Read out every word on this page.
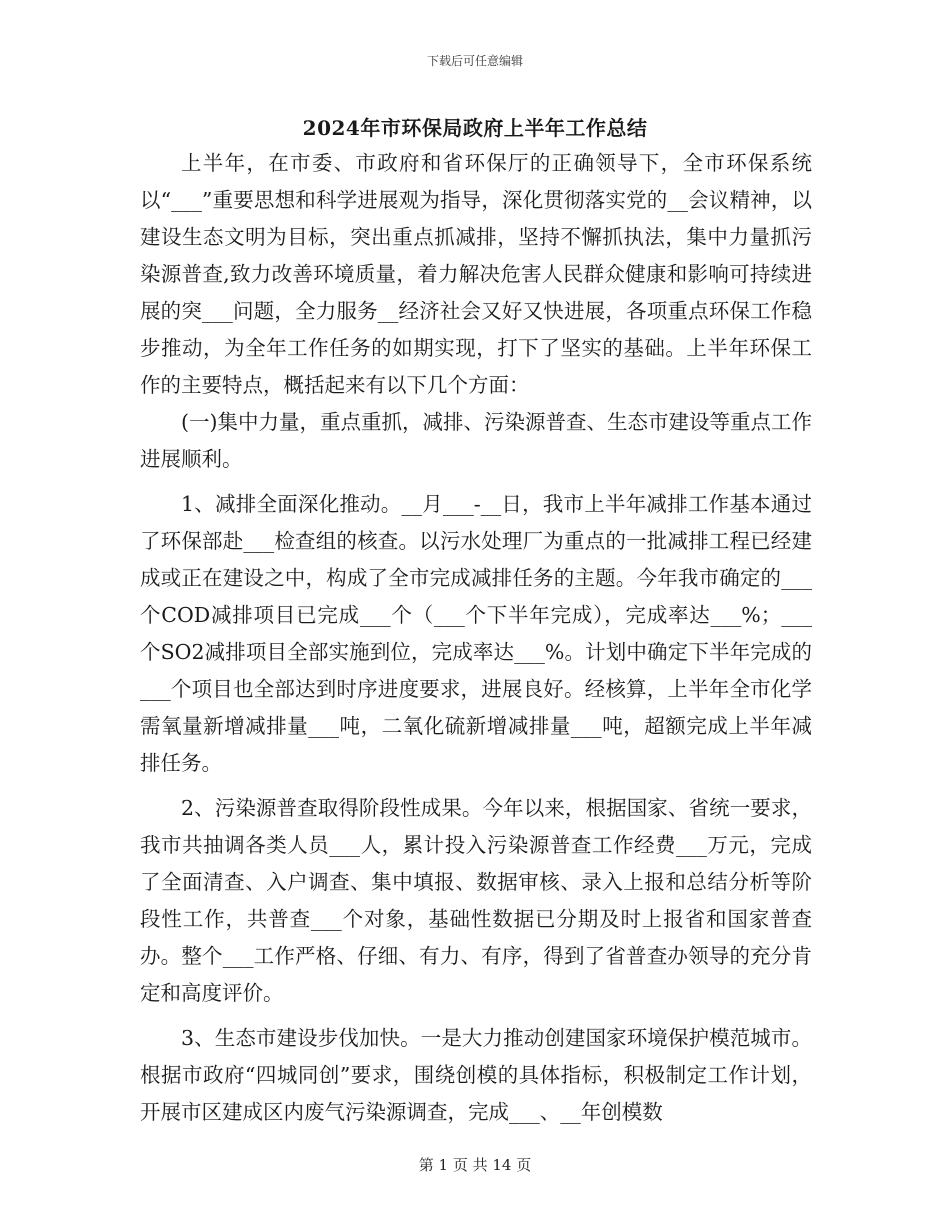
下载后可任意编辑
2024年市环保局政府上半年工作总结

上半年，在市委、市政府和省环保厅的正确领导下，全市环保系统以“___”重要思想和科学进展观为指导，深化贯彻落实党的__会议精神，以建设生态文明为目标，突出重点抓减排，坚持不懈抓执法，集中力量抓污染源普查,致力改善环境质量，着力解决危害人民群众健康和影响可持续进展的突___问题，全力服务__经济社会又好又快进展，各项重点环保工作稳步推动，为全年工作任务的如期实现，打下了坚实的基础。上半年环保工作的主要特点，概括起来有以下几个方面：

(一)集中力量，重点重抓，减排、污染源普查、生态市建设等重点工作进展顺利。

1、减排全面深化推动。__月___-__日，我市上半年减排工作基本通过了环保部赴___检查组的核查。以污水处理厂为重点的一批减排工程已经建成或正在建设之中，构成了全市完成减排任务的主题。今年我市确定的___个COD减排项目已完成___个（___个下半年完成），完成率达___%；___个SO2减排项目全部实施到位，完成率达___%。计划中确定下半年完成的___个项目也全部达到时序进度要求，进展良好。经核算，上半年全市化学需氧量新增减排量___吨，二氧化硫新增减排量___吨，超额完成上半年减排任务。

2、污染源普查取得阶段性成果。今年以来，根据国家、省统一要求，我市共抽调各类人员___人，累计投入污染源普查工作经费___万元，完成了全面清查、入户调查、集中填报、数据审核、录入上报和总结分析等阶段性工作，共普查___个对象，基础性数据已分期及时上报省和国家普查办。整个___工作严格、仔细、有力、有序，得到了省普查办领导的充分肯定和高度评价。

3、生态市建设步伐加快。一是大力推动创建国家环境保护模范城市。根据市政府“四城同创”要求，围绕创模的具体指标，积极制定工作计划，开展市区建成区内废气污染源调查，完成___、__年创模数

第 1 页 共 14 页
